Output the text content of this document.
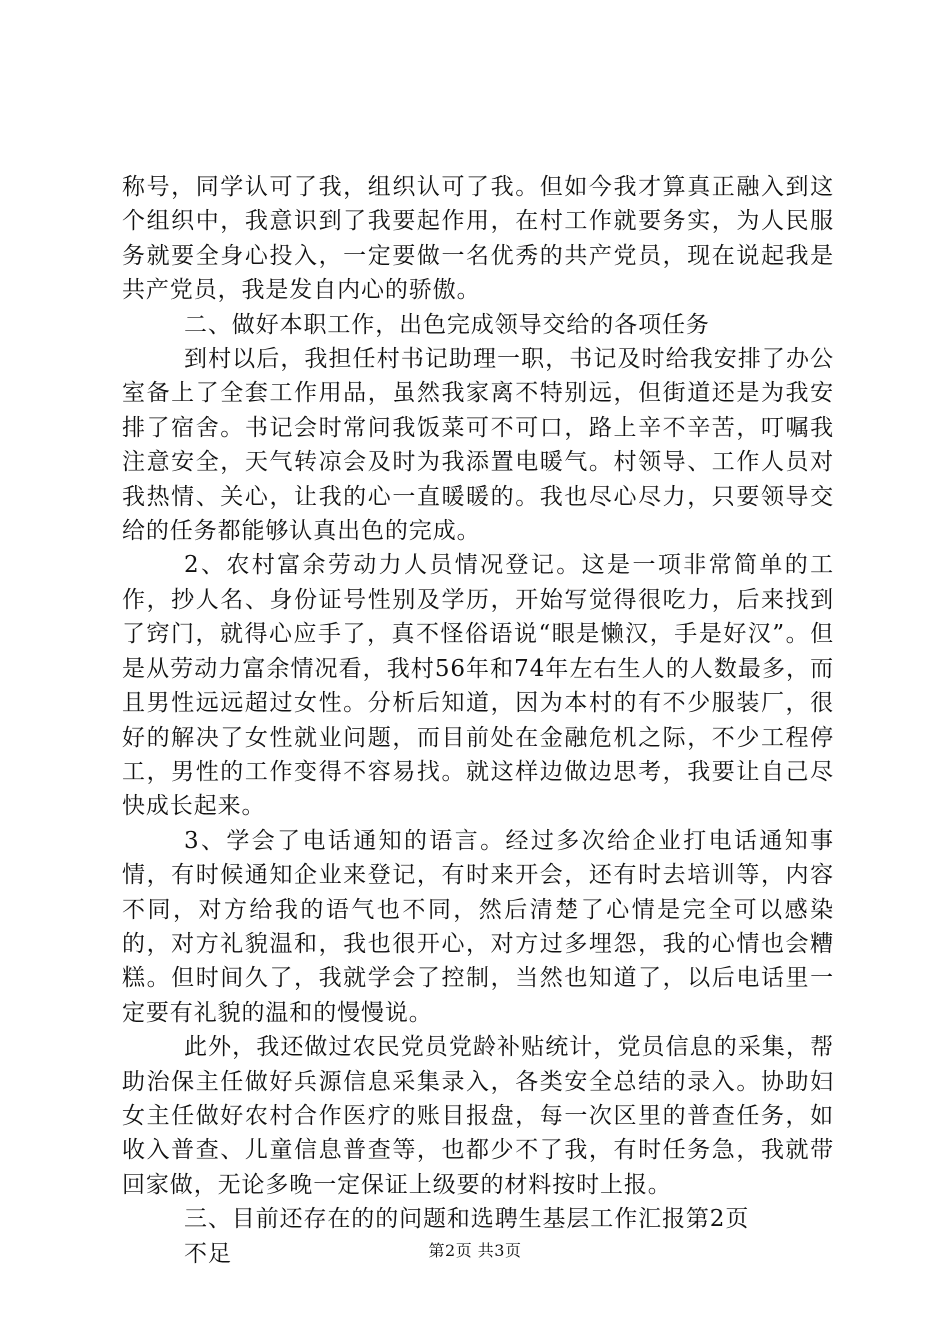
称号，同学认可了我，组织认可了我。但如今我才算真正融入到这个组织中，我意识到了我要起作用，在村工作就要务实，为人民服务就要全身心投入，一定要做一名优秀的共产党员，现在说起我是共产党员，我是发自内心的骄傲。

二、做好本职工作，出色完成领导交给的各项任务

到村以后，我担任村书记助理一职，书记及时给我安排了办公室备上了全套工作用品，虽然我家离不特别远，但街道还是为我安排了宿舍。书记会时常问我饭菜可不可口，路上辛不辛苦，叮嘱我注意安全，天气转凉会及时为我添置电暖气。村领导、工作人员对我热情、关心，让我的心一直暖暖的。我也尽心尽力，只要领导交给的任务都能够认真出色的完成。

2、农村富余劳动力人员情况登记。这是一项非常简单的工作，抄人名、身份证号性别及学历，开始写觉得很吃力，后来找到了窍门，就得心应手了，真不怪俗语说“眼是懒汉，手是好汉”。但是从劳动力富余情况看，我村56年和74年左右生人的人数最多，而且男性远远超过女性。分析后知道，因为本村的有不少服装厂，很好的解决了女性就业问题，而目前处在金融危机之际，不少工程停工，男性的工作变得不容易找。就这样边做边思考，我要让自己尽快成长起来。

3、学会了电话通知的语言。经过多次给企业打电话通知事情，有时候通知企业来登记，有时来开会，还有时去培训等，内容不同，对方给我的语气也不同，然后清楚了心情是完全可以感染的，对方礼貌温和，我也很开心，对方过多埋怨，我的心情也会糟糕。但时间久了，我就学会了控制，当然也知道了，以后电话里一定要有礼貌的温和的慢慢说。

此外，我还做过农民党员党龄补贴统计，党员信息的采集，帮助治保主任做好兵源信息采集录入，各类安全总结的录入。协助妇女主任做好农村合作医疗的账目报盘，每一次区里的普查任务，如收入普查、儿童信息普查等，也都少不了我，有时任务急，我就带回家做，无论多晚一定保证上级要的材料按时上报。

三、目前还存在的的问题和选聘生基层工作汇报第2页

不足	第2页 共3页
